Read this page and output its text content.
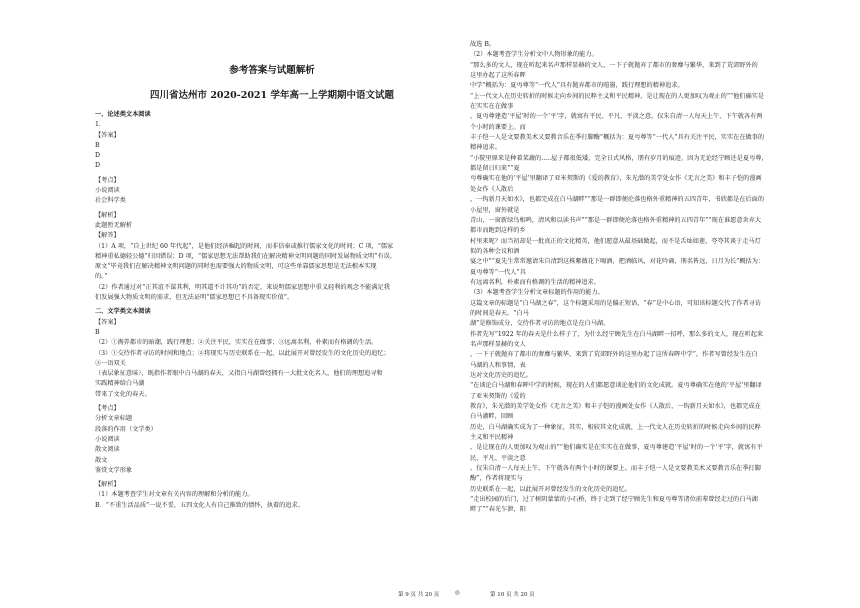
参考答案与试题解析
四川省达州市 2020-2021 学年高一上学期期中语文试题
一、论述类文本阅读
1.
【答案】
B
D
D
【考点】
小说阅读
社会科学类
【解析】
此题暂无解析
【解答】
（1）A 项，“自上世纪 60 年代起”，是他们经济崛起的时间，而非信奉或推行儒家文化的时间；C 项，“儒家
精神重私德轻公德”归因错误；D 项，“儒家思想无法帮助我们在解决精神文明问题的同时发展物质文明”有误，
原文“毕竟我们在解决精神文明问题的同时也需要强大的物质文明，可这些单靠儒家思想是无法根本实现
的。”
（2）作者通过对“正其谊不谋其利，明其道不计其功”的否定，来说明儒家思想中重义轻利的观念不能满足我
们发展强大物质文明的需求，但无法证明“儒家思想已不具备现实价值”。
二、文学类文本阅读
【答案】
B
（2）①淘养都市的暗潮，践行理想；②关注平民，实实在在做事；③远离名利，朴素而有格调的生活。
（3）①交待作者寻访的时间和地点；②将现实与历史联系在一起，以此展开对曾经发生的文化历史的追忆；
③一语双关
（表层象征意味），既指作者眼中白马湖的春天，又指白马湖曾经拥有一大批文化名人，他们的理想追寻和
实践精神给白马湖
带来了文化的春天。
【考点】
分析文章标题
段落的作用（文学类）
小说阅读
散文阅读
散文
鉴赏文学形象
【解析】
（1）本题考查学生对文章有关内容的理解和分析的能力。
B．“不重生活品质”一说不妥，五四文化人有自己推致的情怀，执着的追求。
故选 B。
（2）本题考查学生分析文中人物形象的能力。
“那么多的文人，现在听起来名声那样显赫的文人，一下子就抛弃了都市的奢靡与繁华，来到了荒郊野外的
这里办起了这所春晖
中学”概括为：夏丏尊等“一代人”具有抛弃都市的喧嚣，践行理想的精神追求。
“上一代文人在历史转折的时候走向乡间的民粹主义和平民精神，是让现在的人更加叹为观止的”“他们确实是
在实实在在做事
，夏丏尊建造‘平屋’时的一个‘平’字，就寓有平民、平凡、平淡之意。仅朱自清一人每天上午、下午就各有两
个小时的课要上。而
丰子恺一人是文要教美术又要教音乐在季打脚酶”概括为：夏丏尊等“一代人”具有关注平民，实实在在做事的
精神追求。
“小院里原来是种着菜蔬的.....屋子都很低矮，完全日式风格，朋有岁月的痕迹，因为无论经宁顾还是夏丏尊，
都是留日归来”“夏
丏尊确实在他的‘平屋’里翻译了亚米契斯的《爱的教育》，朱光潜的美学处女作《无言之美》和丰子恺的漫画
处女作《人散后
，一钩新月天如水》，也都完成在白马湖畔”“那是一群即便沦落也格外重精神的五四青年，书欣都是在后面的
小屋里，窗外就是
青山，一窗新绿鸟相鸣，清风和以读书声”“那是一群即便沦落也格外重精神的五四青年”“现在谁愿意舍弃大
都市而跑到这样的乡
村里来呢？而当初却是一批真正的文化精英，他们愿意从最基础做起，而不是舌灿如莲，夸夸其谈于走马灯
似的各种会议和酒
宴之中”“夏先生常常邀请朱自清到这株紫薇花下喝酒，把酒临风，对花吟诵，荆名皆远，日月为长”概括为：
夏丏尊等“一代人”具
有远离名利，朴素而有格调的生活的精神追求。
（3）本题考查学生分析文章标题的作用的能力。
这篇文章的标题是“白马湖之春”，这个标题采用的是偏正短语，“春”是中心语，可知该标题交代了作者寻访
的时间是春天。“白马
湖”是修饰成分，交待作者寻访的地点是在白马湖。
作者先写“1922 年的春天是什么样子了，为什么经宁顾先生在白马湖畔一招呼，那么多的文人，现在听起来
名声那样显赫的文人
，一下子就抛弃了都市的奢靡与繁华，来到了荒郊野外的这里办起了这所春晖中学”，作者写曾经发生在白
马湖的人和事情，表
达对文化历史的追忆。
“在谈论白马湖和春晖中学的时候，现在的人们都愿意谈论他们的文化成就。夏丏尊确实在他的‘平屋’里翻译
了亚米契斯的《爱的
教育》，朱光潜的美学处女作《无言之美》和丰子恺的漫画处女作《人散后，一钩新月天如水》，也都完成在
白马湖畔，回顾
历史，白马湖确实成为了一种象征，其实，相较其文化成就，上一代文人在历史转折的时候走向乡间的民粹
主义和平民精神
，是让现在的人更加叹为观止的”“他们确实是在实实在在做事，夏丏尊建造‘平屋’时的一个‘平’字，就寓有平
民、平凡、平淡之意
。仅朱自清一人每天上午、下午就各有两个小时的课要上。而丰子恺一人是文要教美术又要教音乐在季打脚
酶”，作者将现实与
历史联系在一起，以此展开对曾经发生的文化历史的追忆。
“走出校园的后门，过了树阴蒙蒙的小石桥，终于走到了经宁顾先生和夏丏尊等诸位前辈曾经走过的白马湖
畔了”“春光乍泄，阳
第 9 页 共 20 页	◎	第 10 页 共 20 页
